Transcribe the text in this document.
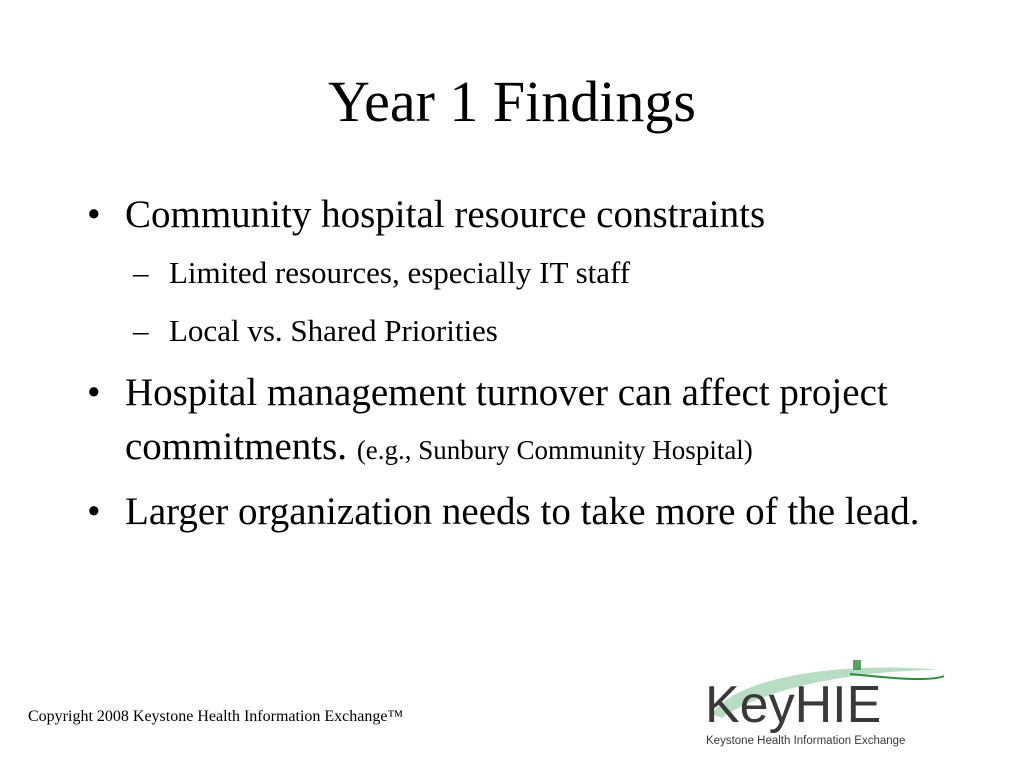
Year 1 Findings
• Community hospital resource constraints
– Limited resources, especially IT staff
– Local vs. Shared Priorities
• Hospital management turnover can affect project commitments. (e.g., Sunbury Community Hospital)
• Larger organization needs to take more of the lead.
Copyright 2008 Keystone Health Information Exchange™	KeyHIE
Keystone Health Information Exchange
